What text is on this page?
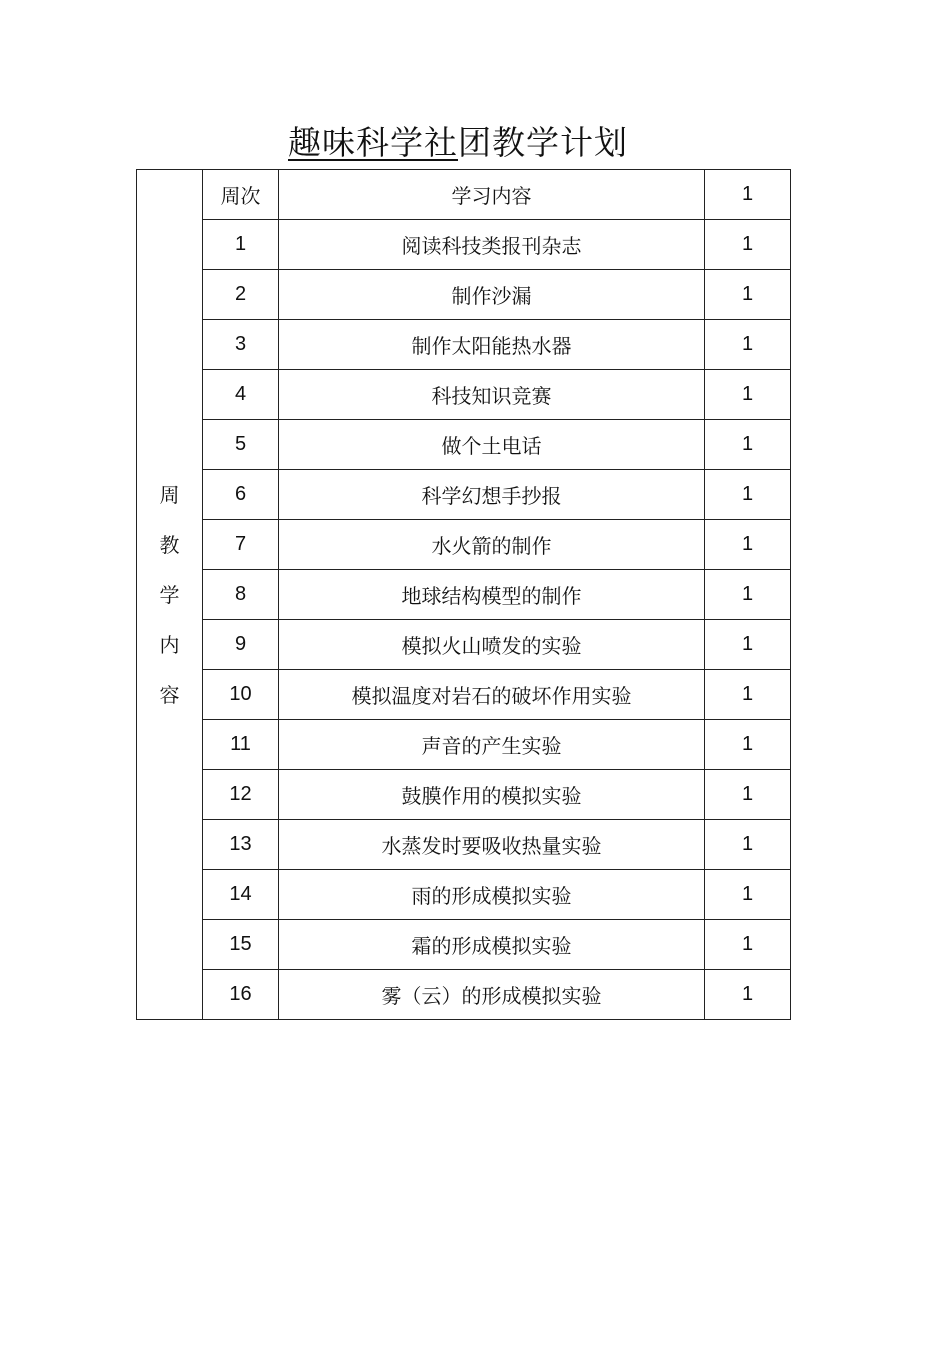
趣味科学社团教学计划
周
教
学
内
容	周次	学习内容	1
	1	阅读科技类报刊杂志	1
	2	制作沙漏	1
	3	制作太阳能热水器	1
	4	科技知识竞赛	1
	5	做个土电话	1
	6	科学幻想手抄报	1
	7	水火箭的制作	1
	8	地球结构模型的制作	1
	9	模拟火山喷发的实验	1
	10	模拟温度对岩石的破坏作用实验	1
	11	声音的产生实验	1
	12	鼓膜作用的模拟实验	1
	13	水蒸发时要吸收热量实验	1
	14	雨的形成模拟实验	1
	15	霜的形成模拟实验	1
	16	雾（云）的形成模拟实验	1
